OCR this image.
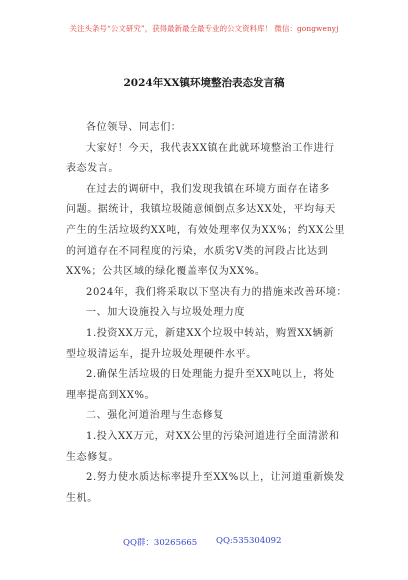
关注头条号“公文研究”，获得最新最全最专业的公文资料库！ 微信：gongwenyj
2024年XX镇环境整治表态发言稿
各位领导、同志们：
大家好！今天，我代表XX镇在此就环境整治工作进行
表态发言。
在过去的调研中，我们发现我镇在环境方面存在诸多
问题。据统计，我镇垃圾随意倾倒点多达XX处，平均每天
产生的生活垃圾约XX吨，有效处理率仅为XX%；约XX公里
的河道存在不同程度的污染，水质劣V类的河段占比达到
XX%；公共区域的绿化覆盖率仅为XX%。
2024年，我们将采取以下坚决有力的措施来改善环境：
一、加大设施投入与垃圾处理力度
1.投资XX万元，新建XX个垃圾中转站，购置XX辆新
型垃圾清运车，提升垃圾处理硬件水平。
2.确保生活垃圾的日处理能力提升至XX吨以上，将处
理率提高到XX%。
二、强化河道治理与生态修复
1.投入XX万元，对XX公里的污染河道进行全面清淤和
生态修复。
2.努力使水质达标率提升至XX%以上，让河道重新焕发
生机。
QQ群：30265665 QQ:535304092
